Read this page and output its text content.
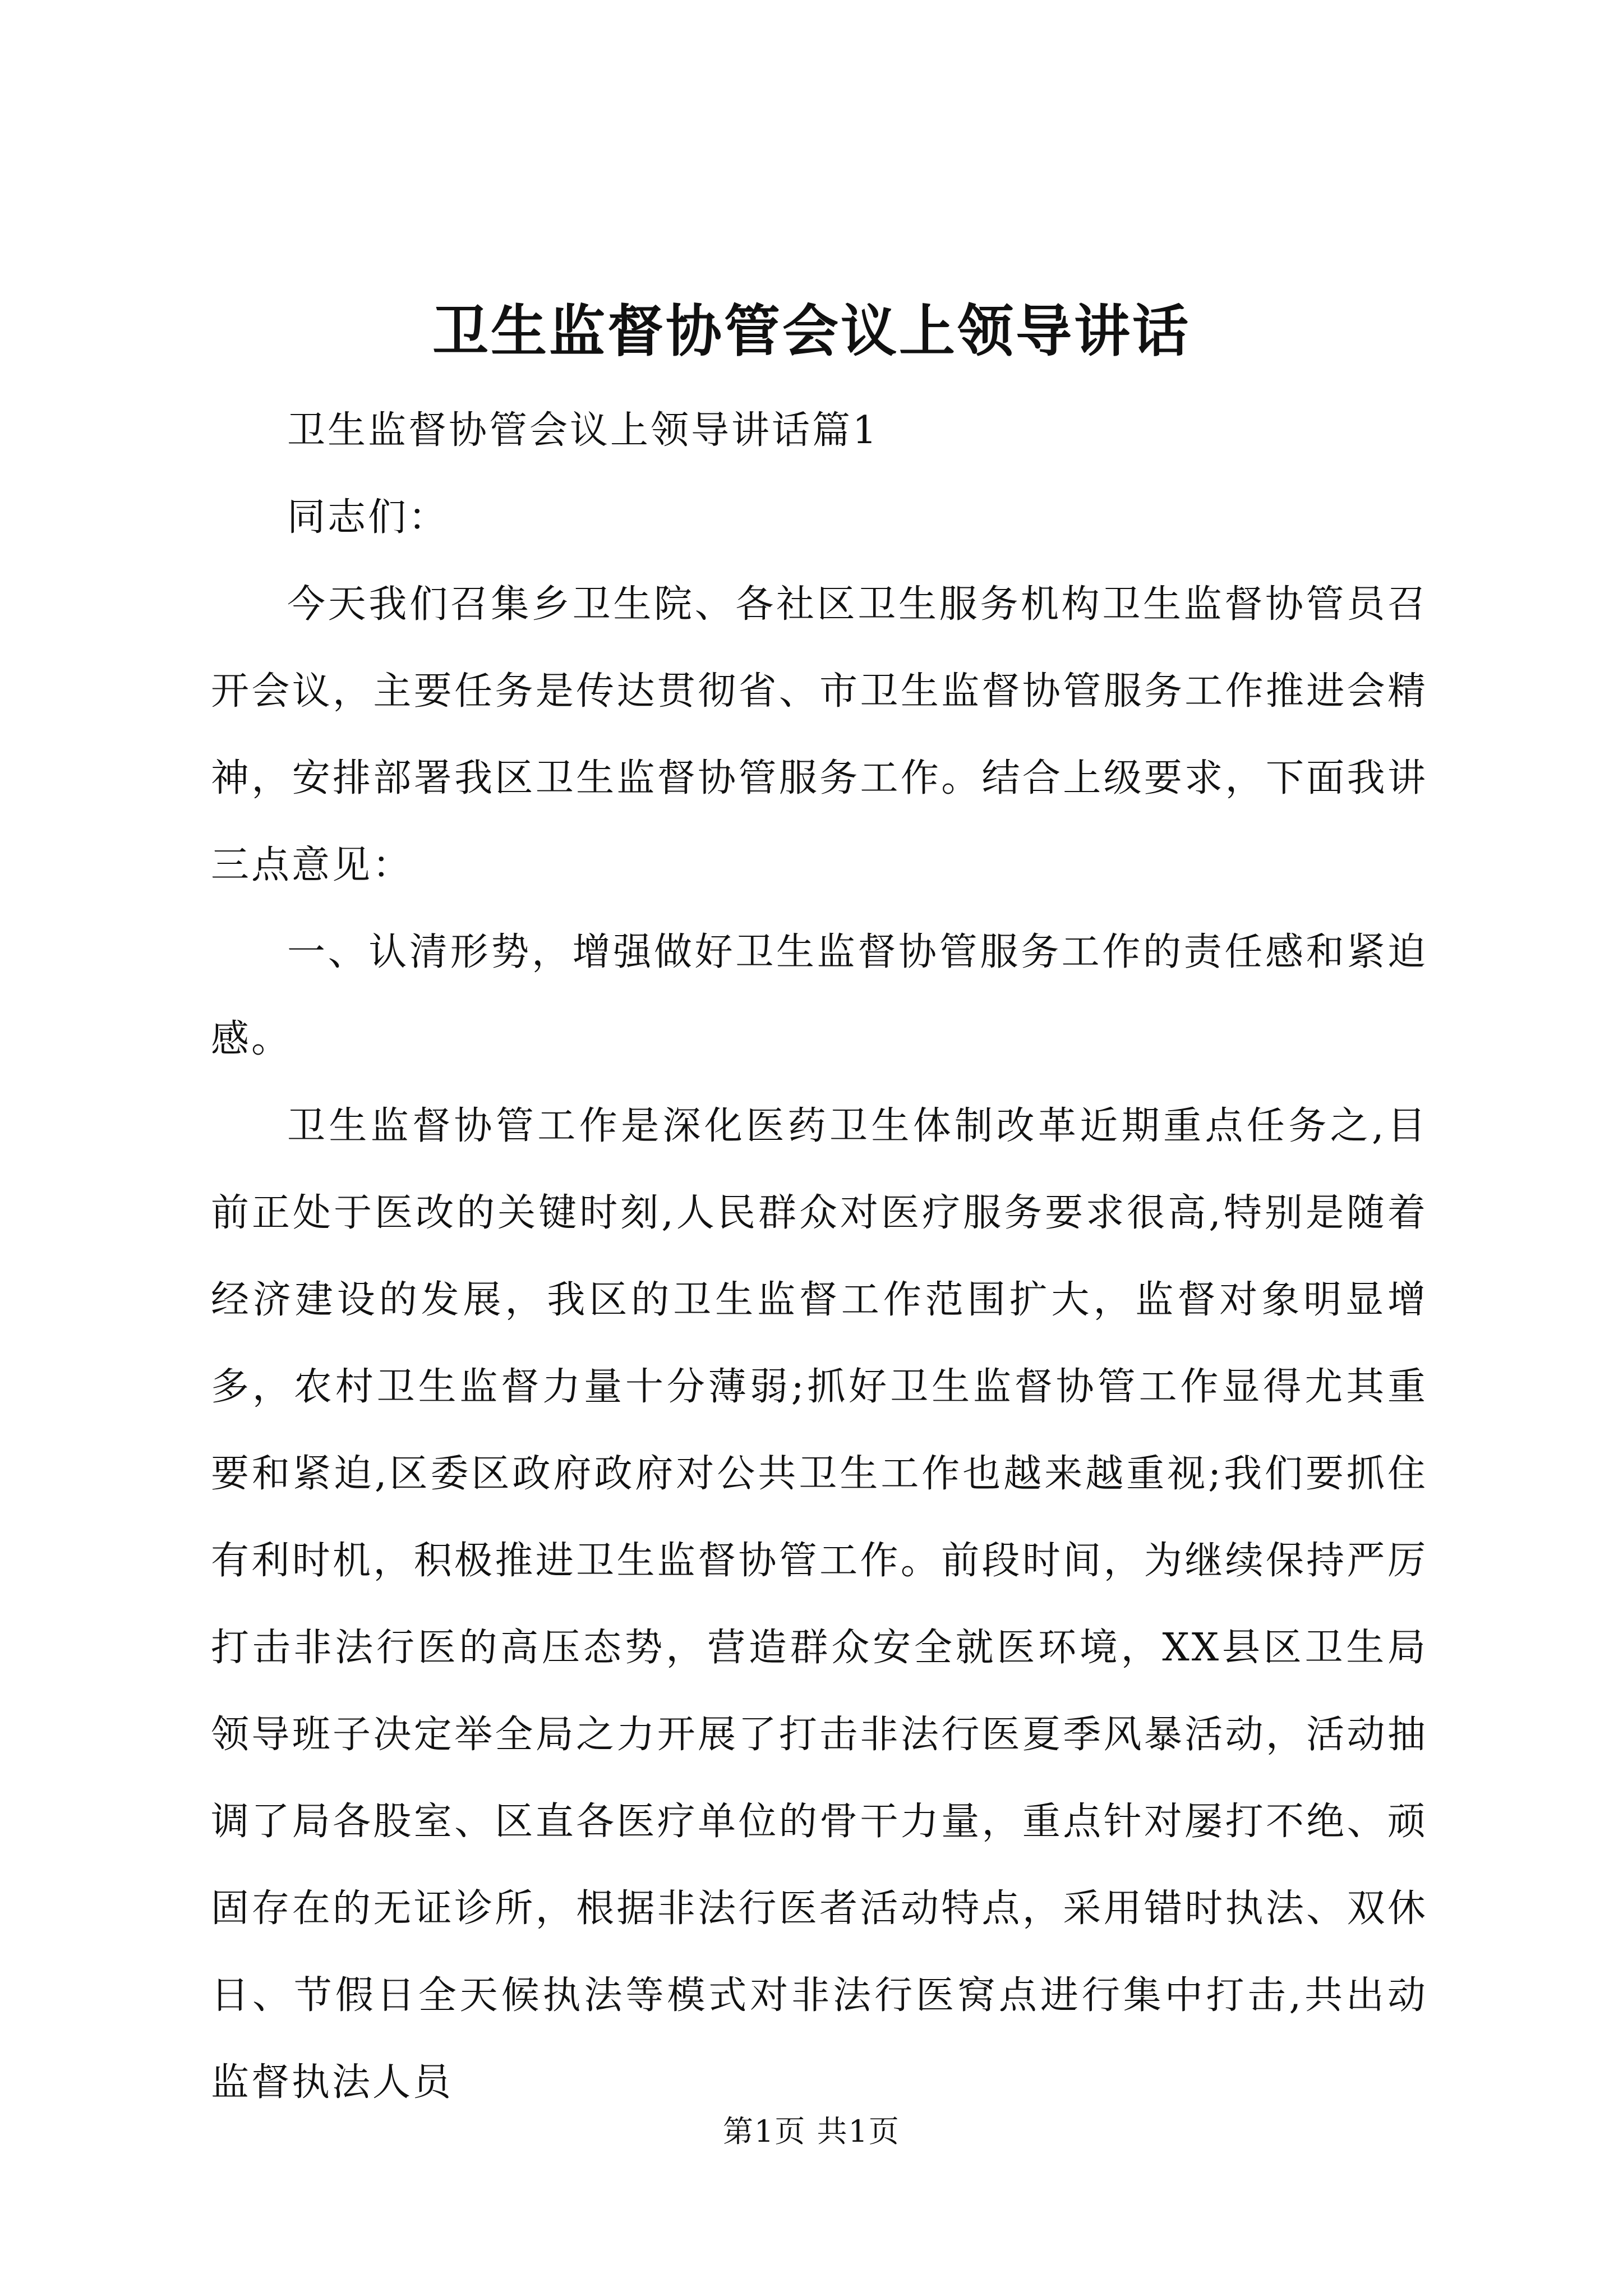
卫生监督协管会议上领导讲话

卫生监督协管会议上领导讲话篇1

同志们：

今天我们召集乡卫生院、各社区卫生服务机构卫生监督协管员召开会议，主要任务是传达贯彻省、市卫生监督协管服务工作推进会精神，安排部署我区卫生监督协管服务工作。结合上级要求，下面我讲三点意见：

一、认清形势，增强做好卫生监督协管服务工作的责任感和紧迫感。

卫生监督协管工作是深化医药卫生体制改革近期重点任务之,目前正处于医改的关键时刻,人民群众对医疗服务要求很高,特别是随着经济建设的发展，我区的卫生监督工作范围扩大，监督对象明显增多，农村卫生监督力量十分薄弱;抓好卫生监督协管工作显得尤其重要和紧迫,区委区政府政府对公共卫生工作也越来越重视;我们要抓住有利时机，积极推进卫生监督协管工作。前段时间，为继续保持严厉打击非法行医的高压态势，营造群众安全就医环境，XX县区卫生局领导班子决定举全局之力开展了打击非法行医夏季风暴活动，活动抽调了局各股室、区直各医疗单位的骨干力量，重点针对屡打不绝、顽固存在的无证诊所，根据非法行医者活动特点，采用错时执法、双休日、节假日全天候执法等模式对非法行医窝点进行集中打击,共出动监督执法人员

第1页 共1页
